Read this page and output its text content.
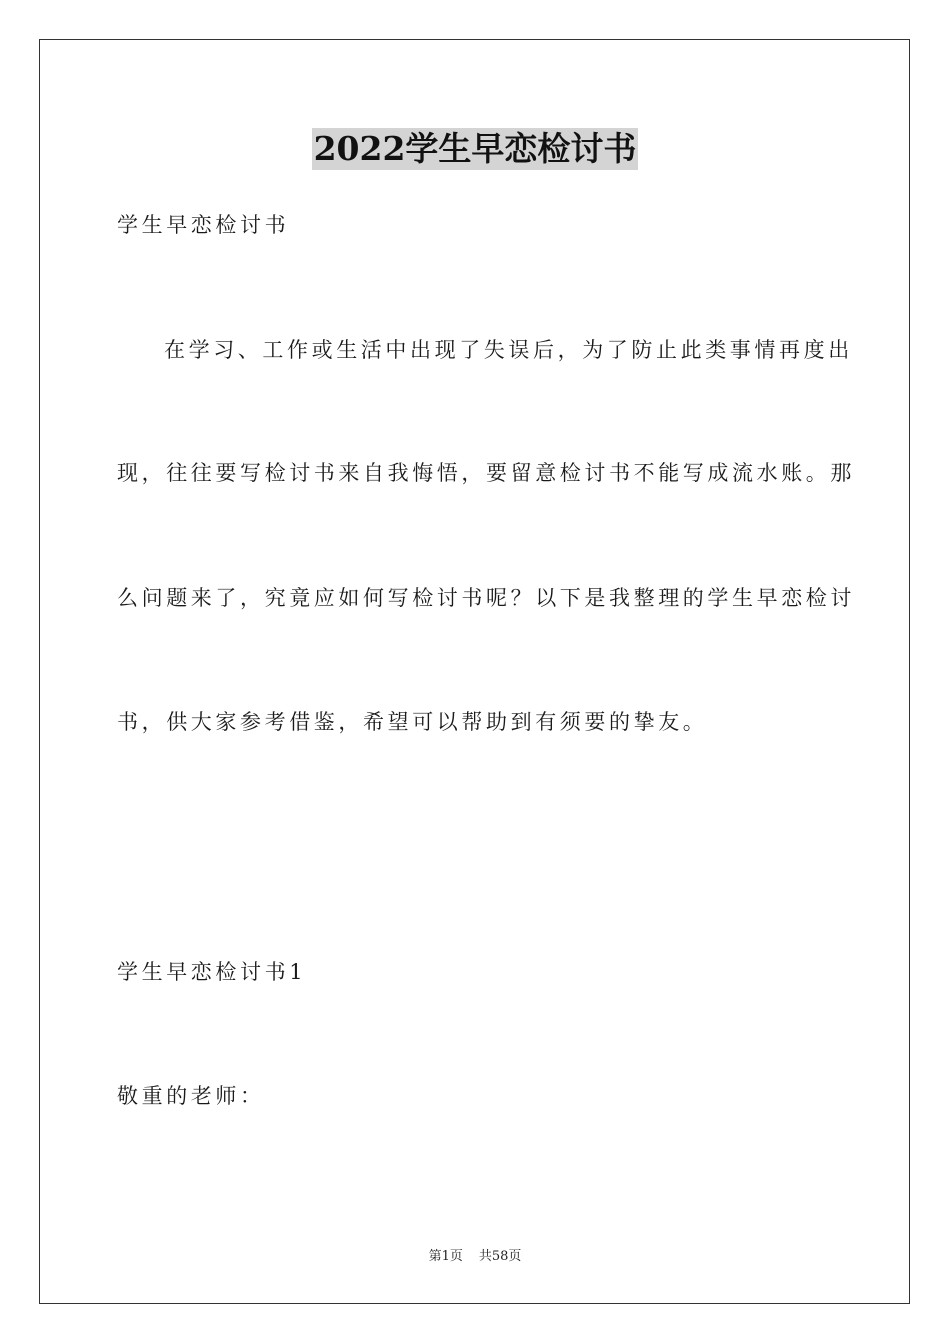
2022学生早恋检讨书
学生早恋检讨书
在学习、工作或生活中出现了失误后，为了防止此类事情再度出
现，往往要写检讨书来自我悔悟，要留意检讨书不能写成流水账。那
么问题来了，究竟应如何写检讨书呢？以下是我整理的学生早恋检讨
书，供大家参考借鉴，希望可以帮助到有须要的挚友。
学生早恋检讨书1
敬重的老师：
第1页 共58页
